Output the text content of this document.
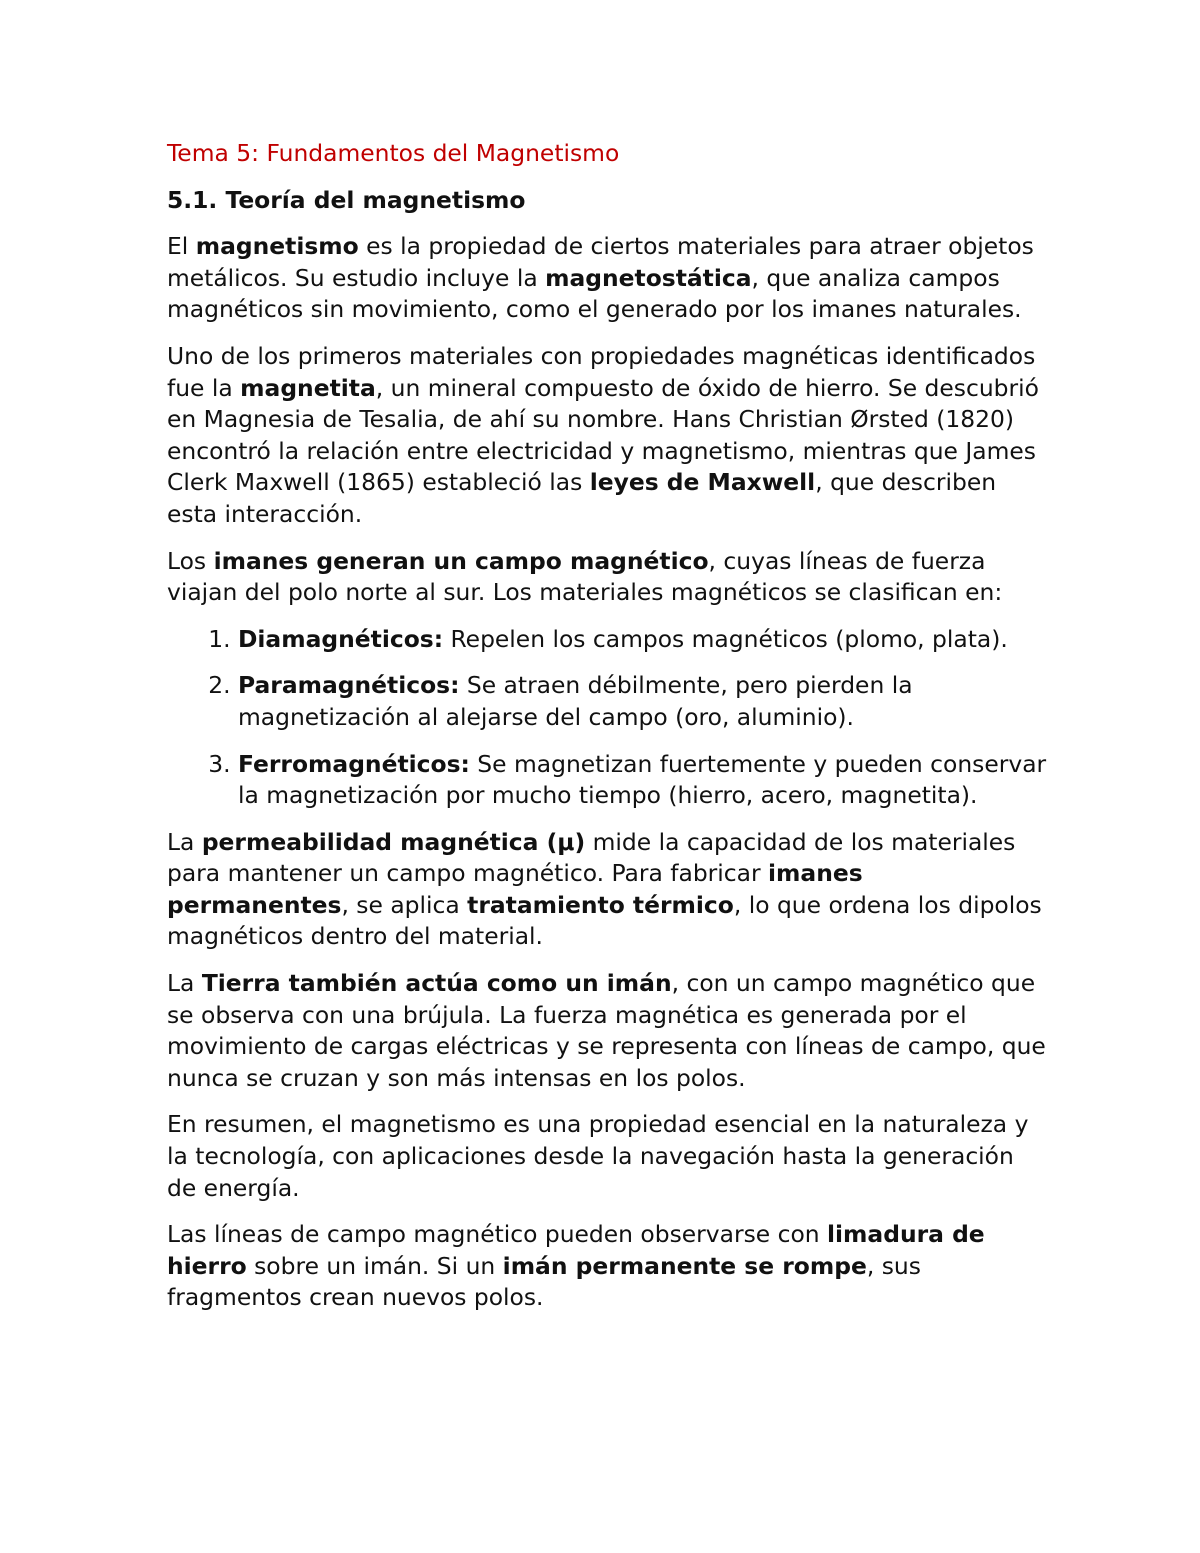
Tema 5: Fundamentos del Magnetismo
5.1. Teoría del magnetismo

El magnetismo es la propiedad de ciertos materiales para atraer objetos metálicos. Su estudio incluye la magnetostática, que analiza campos magnéticos sin movimiento, como el generado por los imanes naturales.

Uno de los primeros materiales con propiedades magnéticas identificados fue la magnetita, un mineral compuesto de óxido de hierro. Se descubrió en Magnesia de Tesalia, de ahí su nombre. Hans Christian Ørsted (1820) encontró la relación entre electricidad y magnetismo, mientras que James Clerk Maxwell (1865) estableció las leyes de Maxwell, que describen esta interacción.

Los imanes generan un campo magnético, cuyas líneas de fuerza viajan del polo norte al sur. Los materiales magnéticos se clasifican en:

1. Diamagnéticos: Repelen los campos magnéticos (plomo, plata).
2. Paramagnéticos: Se atraen débilmente, pero pierden la magnetización al alejarse del campo (oro, aluminio).
3. Ferromagnéticos: Se magnetizan fuertemente y pueden conservar la magnetización por mucho tiempo (hierro, acero, magnetita).

La permeabilidad magnética (μ) mide la capacidad de los materiales para mantener un campo magnético. Para fabricar imanes permanentes, se aplica tratamiento térmico, lo que ordena los dipolos magnéticos dentro del material.

La Tierra también actúa como un imán, con un campo magnético que se observa con una brújula. La fuerza magnética es generada por el movimiento de cargas eléctricas y se representa con líneas de campo, que nunca se cruzan y son más intensas en los polos.

En resumen, el magnetismo es una propiedad esencial en la naturaleza y la tecnología, con aplicaciones desde la navegación hasta la generación de energía.

Las líneas de campo magnético pueden observarse con limadura de hierro sobre un imán. Si un imán permanente se rompe, sus fragmentos crean nuevos polos.
